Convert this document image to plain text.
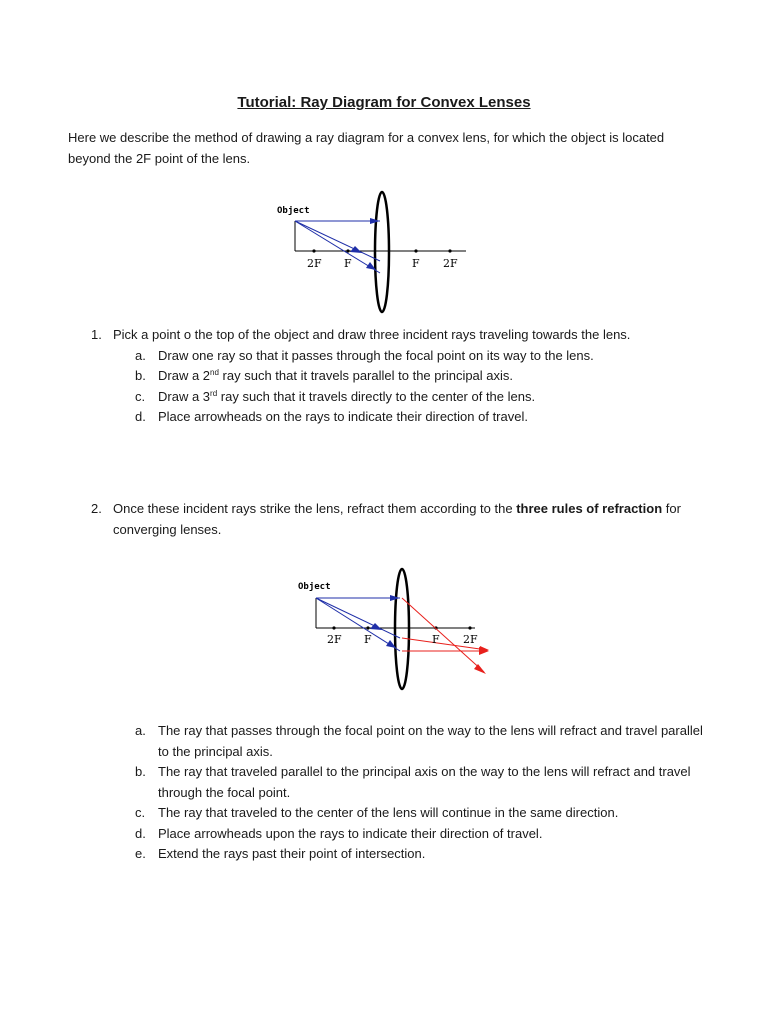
Tutorial: Ray Diagram for Convex Lenses
Here we describe the method of drawing a ray diagram for a convex lens, for which the object is located beyond the 2F point of the lens.
Object
2F F	F 2F
1. Pick a point o the top of the object and draw three incident rays traveling towards the lens.
a. Draw one ray so that it passes through the focal point on its way to the lens.
b. Draw a 2nd ray such that it travels parallel to the principal axis.
c. Draw a 3rd ray such that it travels directly to the center of the lens.
d. Place arrowheads on the rays to indicate their direction of travel.
2. Once these incident rays strike the lens, refract them according to the three rules of refraction for converging lenses.
Object
2F F	F 2F
a. The ray that passes through the focal point on the way to the lens will refract and travel parallel to the principal axis.
b. The ray that traveled parallel to the principal axis on the way to the lens will refract and travel through the focal point.
c. The ray that traveled to the center of the lens will continue in the same direction.
d. Place arrowheads upon the rays to indicate their direction of travel.
e. Extend the rays past their point of intersection.
